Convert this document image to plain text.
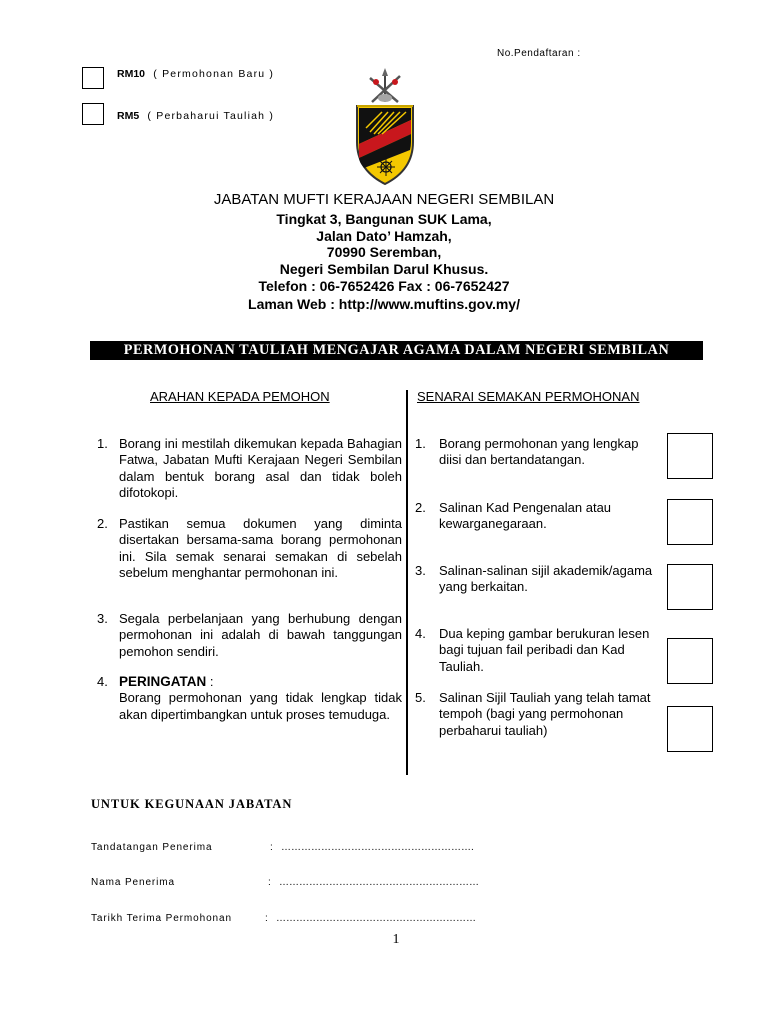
No.Pendaftaran :
RM10 ( Permohonan Baru )
RM5 ( Perbaharui Tauliah )
JABATAN MUFTI KERAJAAN NEGERI SEMBILAN
Tingkat 3, Bangunan SUK Lama,
Jalan Dato’ Hamzah,
70990 Seremban,
Negeri Sembilan Darul Khusus.
Telefon : 06-7652426 Fax : 06-7652427
Laman Web : http://www.muftins.gov.my/
PERMOHONAN TAULIAH MENGAJAR AGAMA DALAM NEGERI SEMBILAN
ARAHAN KEPADA PEMOHON	SENARAI SEMAKAN PERMOHONAN
1. Borang ini mestilah dikemukan kepada Bahagian Fatwa, Jabatan Mufti Kerajaan Negeri Sembilan dalam bentuk borang asal dan tidak boleh difotokopi.
2. Pastikan semua dokumen yang diminta disertakan bersama-sama borang permohonan ini. Sila semak senarai semakan di sebelah sebelum menghantar permohonan ini.
3. Segala perbelanjaan yang berhubung dengan permohonan ini adalah di bawah tanggungan pemohon sendiri.
4. PERINGATAN :
Borang permohonan yang tidak lengkap tidak akan dipertimbangkan untuk proses temuduga.
1. Borang permohonan yang lengkap diisi dan bertandatangan.
2. Salinan Kad Pengenalan atau kewarganegaraan.
3. Salinan-salinan sijil akademik/agama yang berkaitan.
4. Dua keping gambar berukuran lesen bagi tujuan fail peribadi dan Kad Tauliah.
5. Salinan Sijil Tauliah yang telah tamat tempoh (bagi yang permohonan perbaharui tauliah)
UNTUK KEGUNAAN JABATAN
Tandatangan Penerima	: ………………………………………………….
Nama Penerima	: ……………………………………………………
Tarikh Terima Permohonan	: ……………………………………………………
1
